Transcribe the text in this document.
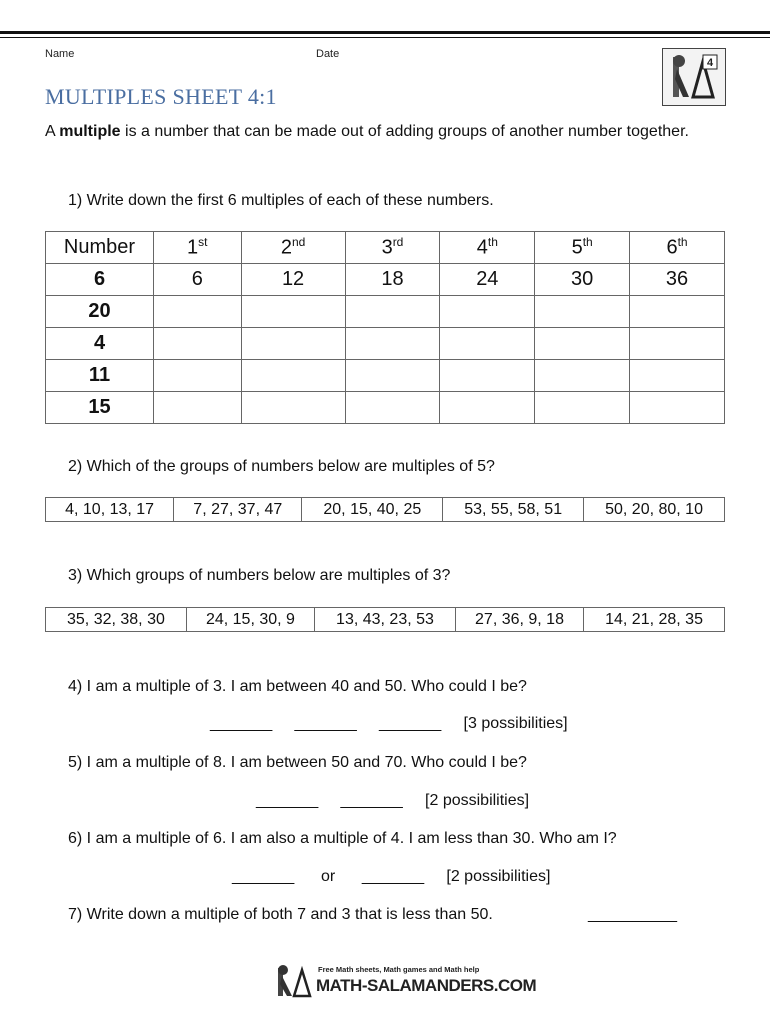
Name	Date
4
MULTIPLES SHEET 4:1
A multiple is a number that can be made out of adding groups of another number together.
1) Write down the first 6 multiples of each of these numbers.
Number	1st	2nd	3rd	4th	5th	6th
6	6	12	18	24	30	36
20						
4						
11						
15						
2) Which of the groups of numbers below are multiples of 5?
4, 10, 13, 17	7, 27, 37, 47	20, 15, 40, 25	53, 55, 58, 51	50, 20, 80, 10
3) Which groups of numbers below are multiples of 3?
35, 32, 38, 30	24, 15, 30, 9	13, 43, 23, 53	27, 36, 9, 18	14, 21, 28, 35
4) I am a multiple of 3. I am between 40 and 50. Who could I be?
_______     _______     _______     [3 possibilities]
5) I am a multiple of 8. I am between 50 and 70. Who could I be?
_______     _______     [2 possibilities]
6) I am a multiple of 6. I am also a multiple of 4. I am less than 30. Who am I?
_______      or      _______     [2 possibilities]
7) Write down a multiple of both 7 and 3 that is less than 50.	__________
Free Math sheets, Math games and Math help
MATH-SALAMANDERS.COM
